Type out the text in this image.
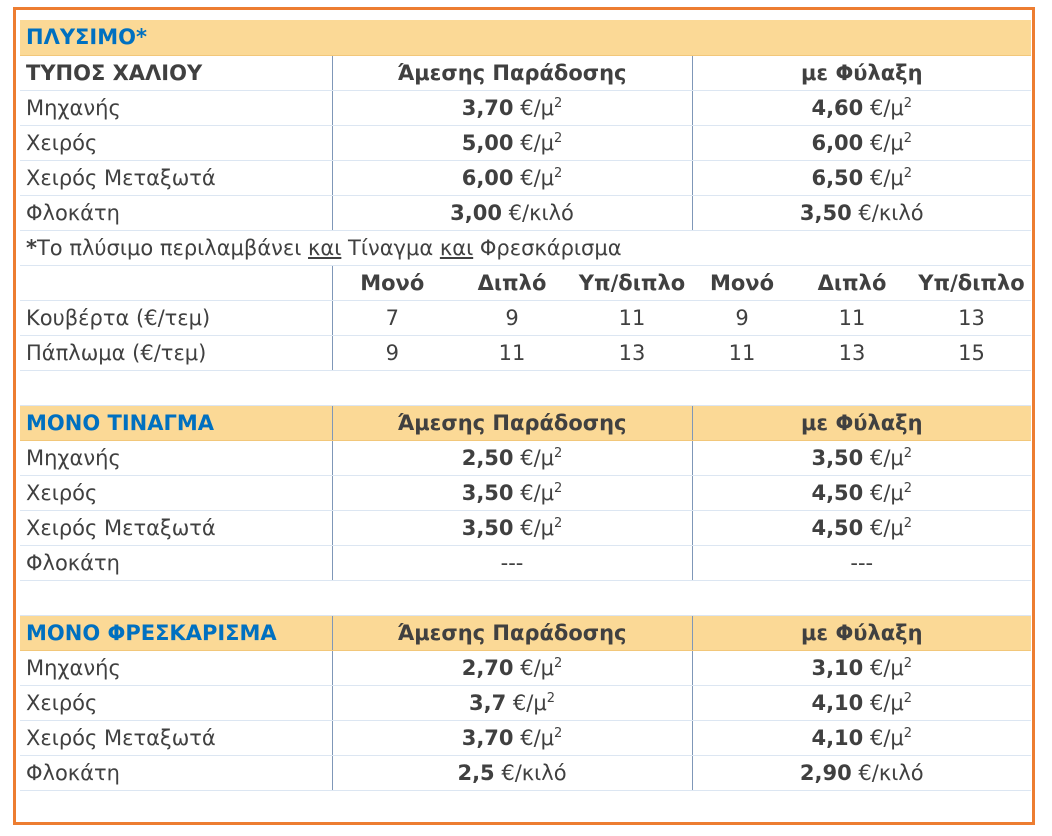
ΠΛΥΣΙΜΟ*						
ΤΥΠΟΣ ΧΑΛΙΟΥ	Άμεσης Παράδοσης			με Φύλαξη		
Μηχανής	3,70 $€/\mu^2$			4,60 $€/\mu^2$
Χειρός	5,00 $€/\mu^2$			6,00 $€/\mu^2$
Χειρός Μεταξωτά	6,00 $€/\mu^2$			6,50 $€/\mu^2$
Φλοκάτη	3,00 €/κιλό			3,50 €/κιλό		
*Το πλύσιμο περιλαμβάνει και Τίναγμα και Φρεσκάρισμα						
	Μονό	Διπλό	Υπ/διπλο	Μονό	Διπλό	Υπ/διπλο
Κουβέρτα (€/τεμ)	7	9	11	9	11	13
Πάπλωμα (€/τεμ)	9	11	13	11	13	15

ΜΟΝΟ ΤΙΝΑΓΜΑ	Άμεσης Παράδοσης			με Φύλαξη		
Μηχανής	2,50 $€/\mu^2$			3,50 $€/\mu^2$
Χειρός	3,50 $€/\mu^2$			4,50 $€/\mu^2$
Χειρός Μεταξωτά	3,50 $€/\mu^2$			4,50 $€/\mu^2$
Φλοκάτη	---			---		

ΜΟΝΟ ΦΡΕΣΚΑΡΙΣΜΑ	Άμεσης Παράδοσης			με Φύλαξη		
Μηχανής	2,70 $€/\mu^2$			3,10 $€/\mu^2$
Χειρός	3,7 $€/\mu^2$			4,10 $€/\mu^2$
Χειρός Μεταξωτά	3,70 $€/\mu^2$			4,10 $€/\mu^2$
Φλοκάτη	2,5 €/κιλό			2,90 €/κιλό		
